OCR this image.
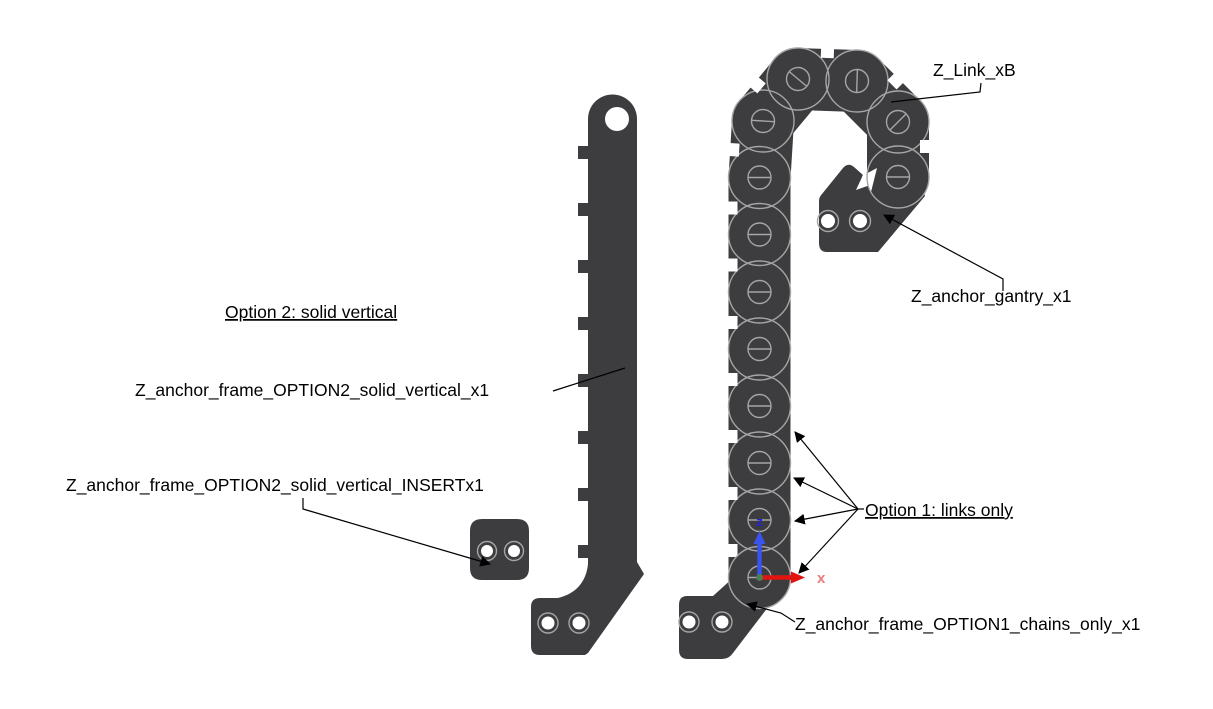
z
x
Z_Link_xB
Z_anchor_gantry_x1
Option 2: solid vertical
Z_anchor_frame_OPTION2_solid_vertical_x1
Z_anchor_frame_OPTION2_solid_vertical_INSERTx1
Option 1: links only
Z_anchor_frame_OPTION1_chains_only_x1
